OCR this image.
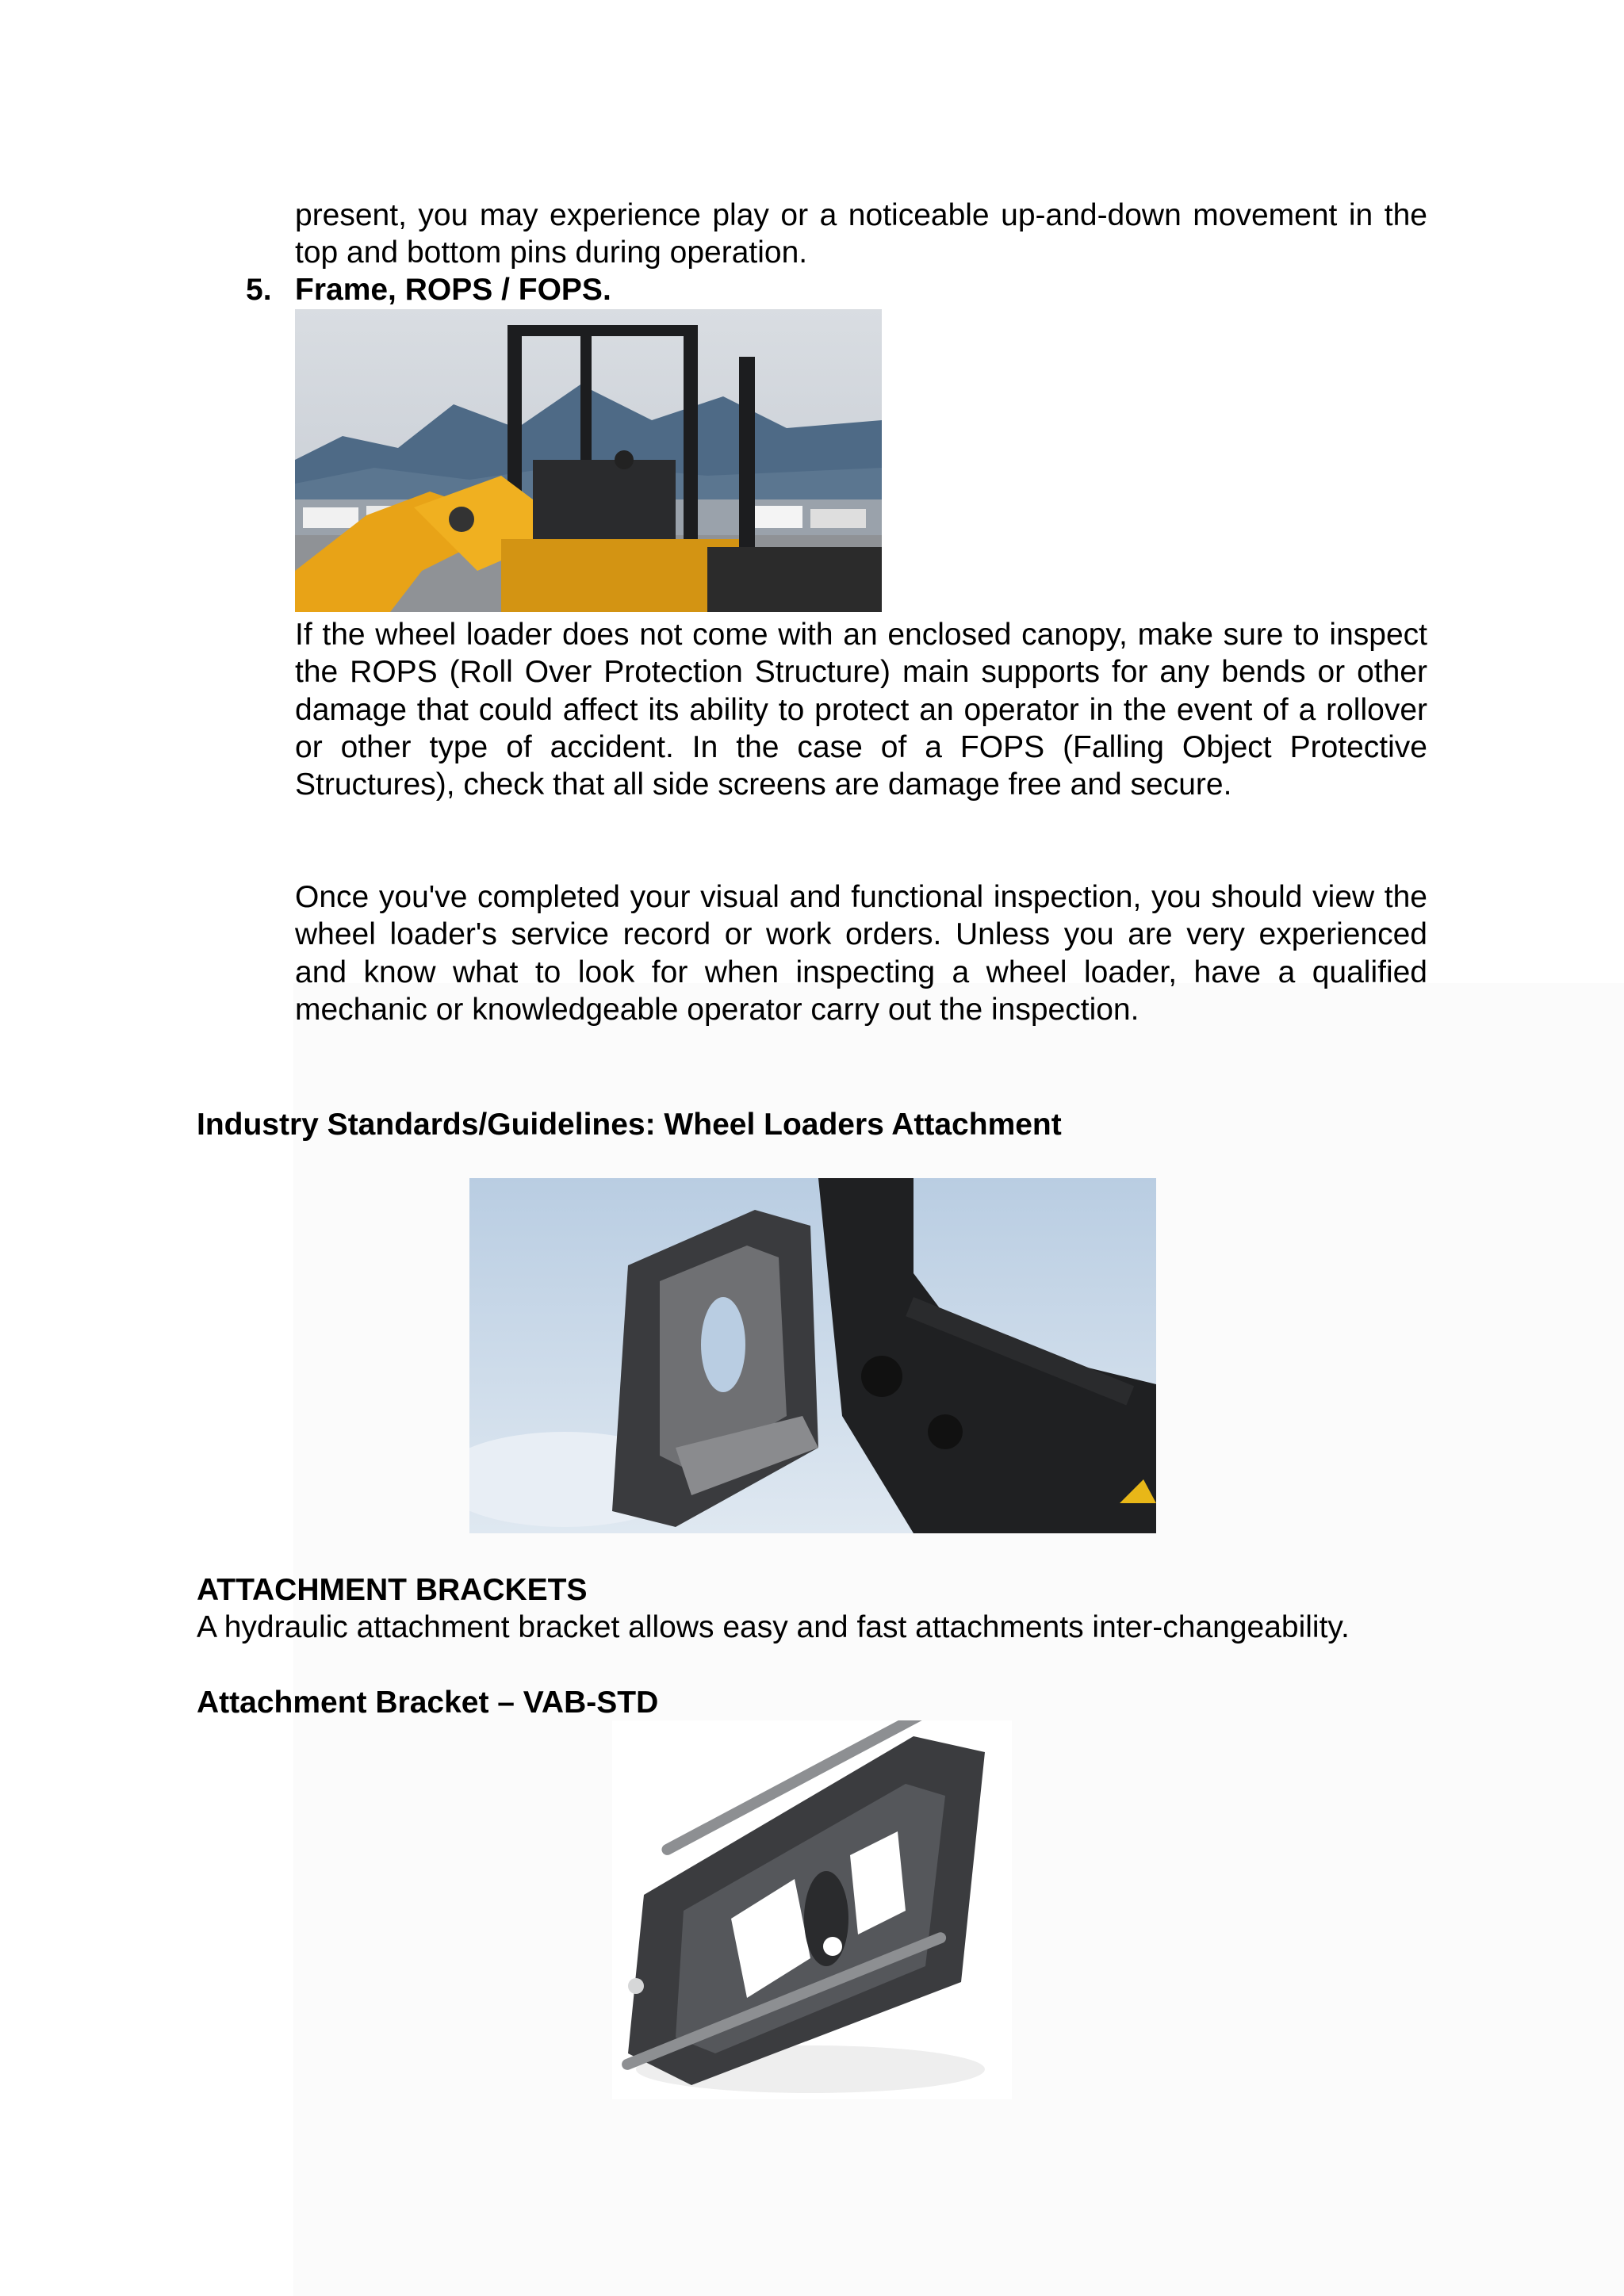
present, you may experience play or a noticeable up-and-down movement in the top and bottom pins during operation.
5. Frame, ROPS / FOPS.
If the wheel loader does not come with an enclosed canopy, make sure to inspect the ROPS (Roll Over Protection Structure) main supports for any bends or other damage that could affect its ability to protect an operator in the event of a rollover or other type of accident. In the case of a FOPS (Falling Object Protective Structures), check that all side screens are damage free and secure.
Once you've completed your visual and functional inspection, you should view the wheel loader's service record or work orders. Unless you are very experienced and know what to look for when inspecting a wheel loader, have a qualified mechanic or knowledgeable operator carry out the inspection.
Industry Standards/Guidelines: Wheel Loaders Attachment
ATTACHMENT BRACKETS
A hydraulic attachment bracket allows easy and fast attachments inter-changeability.
Attachment Bracket – VAB-STD
